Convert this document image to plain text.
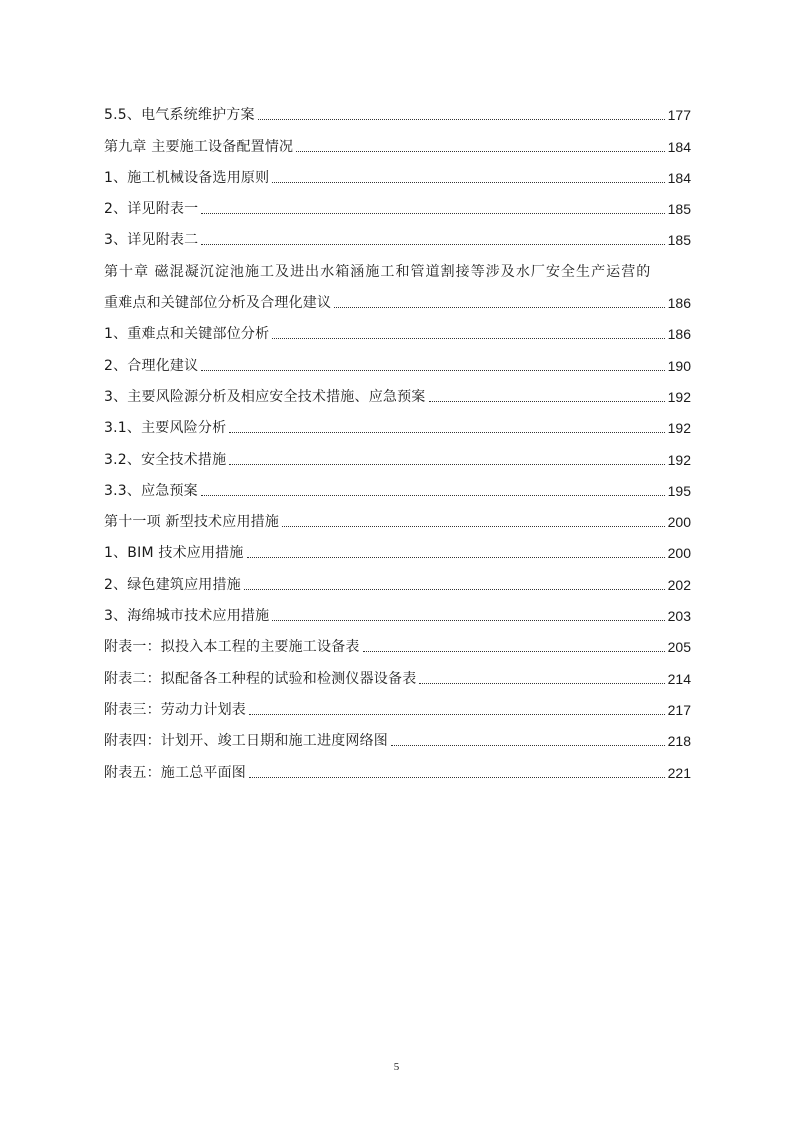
5.5、电气系统维护方案	177
第九章 主要施工设备配置情况	184
1、施工机械设备选用原则	184
2、详见附表一	185
3、详见附表二	185
第十章 磁混凝沉淀池施工及进出水箱涵施工和管道割接等涉及水厂安全生产运营的
重难点和关键部位分析及合理化建议	186
1、重难点和关键部位分析	186
2、合理化建议	190
3、主要风险源分析及相应安全技术措施、应急预案	192
3.1、主要风险分析	192
3.2、安全技术措施	192
3.3、应急预案	195
第十一项 新型技术应用措施	200
1、BIM 技术应用措施	200
2、绿色建筑应用措施	202
3、海绵城市技术应用措施	203
附表一：拟投入本工程的主要施工设备表	205
附表二：拟配备各工种程的试验和检测仪器设备表	214
附表三：劳动力计划表	217
附表四：计划开、竣工日期和施工进度网络图	218
附表五：施工总平面图	221
5
